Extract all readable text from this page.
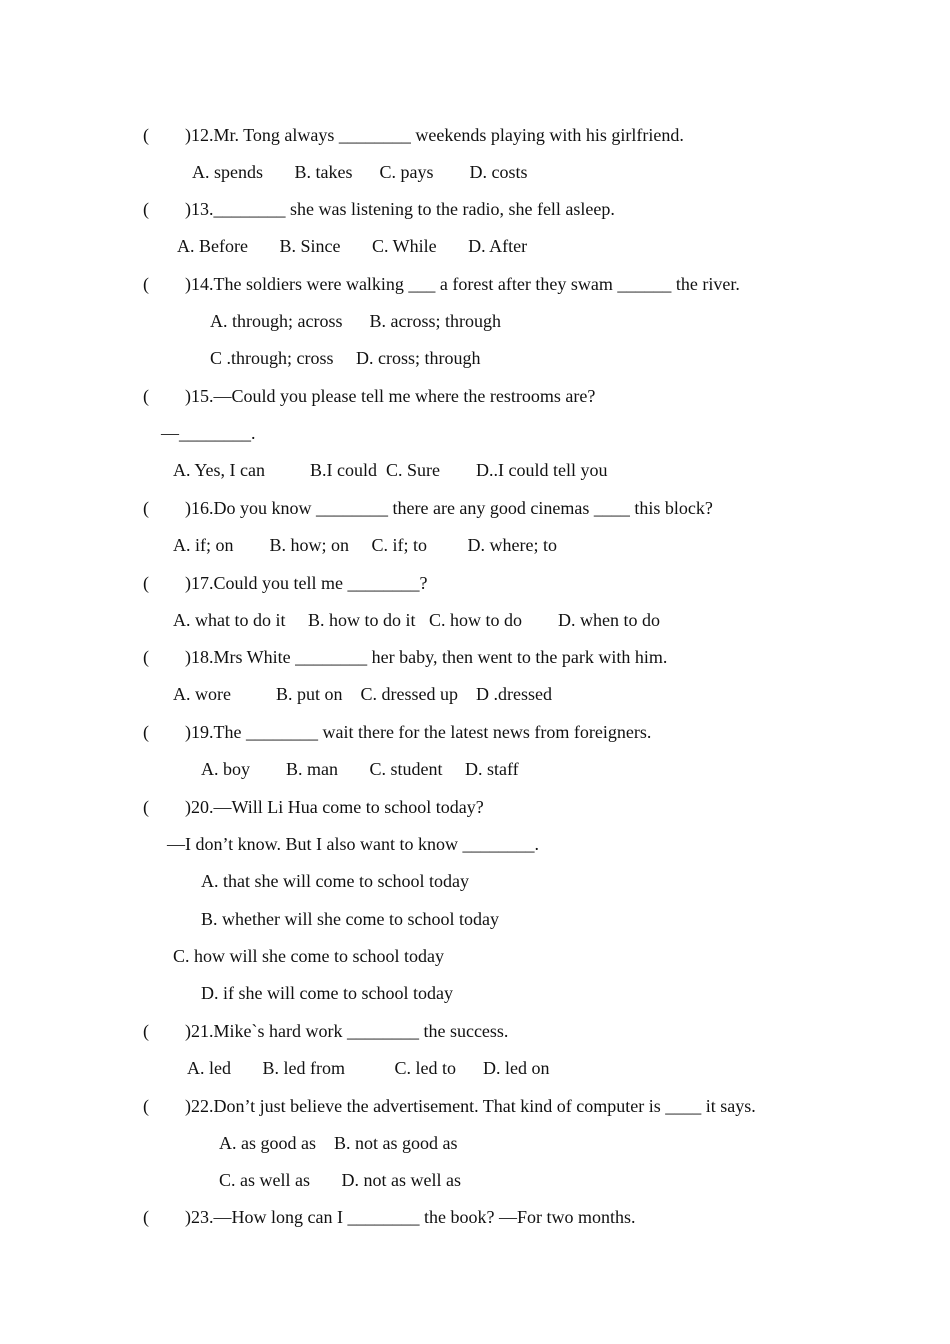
(        )12.Mr. Tong always ________ weekends playing with his girlfriend.

A. spends       B. takes      C. pays        D. costs

(        )13.________ she was listening to the radio, she fell asleep.

A. Before       B. Since       C. While       D. After

(        )14.The soldiers were walking ___ a forest after they swam ______ the river.

A. through; across      B. across; through

C .through; cross     D. cross; through

(        )15.—Could you please tell me where the restrooms are?

—________.

A. Yes, I can          B.I could  C. Sure        D..I could tell you

(        )16.Do you know ________ there are any good cinemas ____ this block?

A. if; on        B. how; on     C. if; to         D. where; to

(        )17.Could you tell me ________?

A. what to do it     B. how to do it   C. how to do        D. when to do

(        )18.Mrs White ________ her baby, then went to the park with him.

A. wore          B. put on    C. dressed up    D .dressed

(        )19.The ________ wait there for the latest news from foreigners.

A. boy        B. man       C. student     D. staff

(        )20.—Will Li Hua come to school today?

—I don’t know. But I also want to know ________.

A. that she will come to school today

B. whether will she come to school today

C. how will she come to school today

D. if she will come to school today

(        )21.Mike`s hard work ________ the success.

A. led       B. led from           C. led to      D. led on

(        )22.Don’t just believe the advertisement. That kind of computer is ____ it says.

A. as good as    B. not as good as

C. as well as       D. not as well as

(        )23.—How long can I ________ the book? —For two months.
